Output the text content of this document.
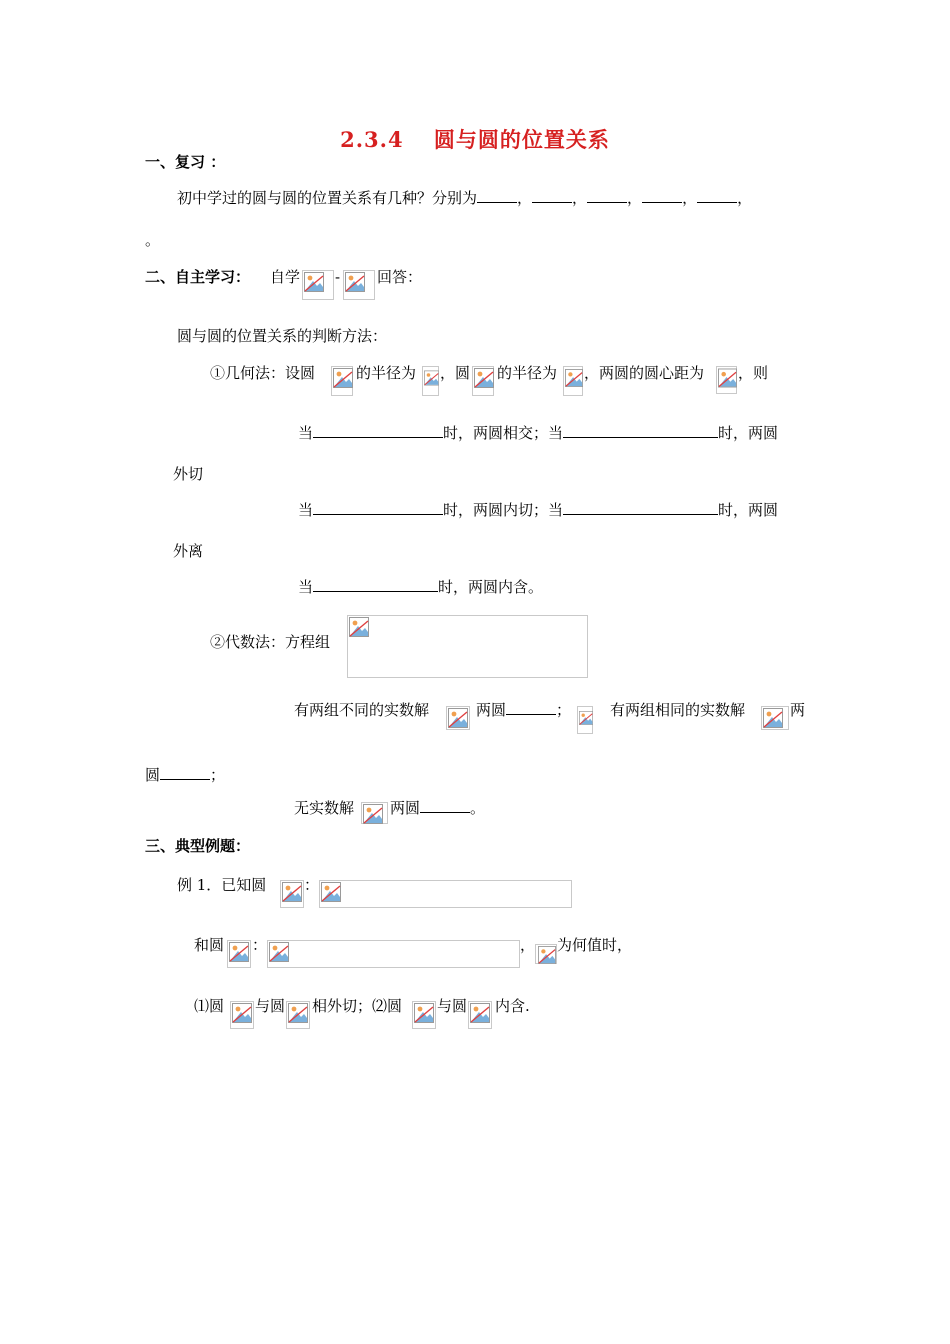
2.3.4　 圆与圆的位置关系
一、复习 ：
初中学过的圆与圆的位置关系有几种？分别为	，	，	，	，	，
。
二、自主学习： 自学 - 回答：
圆与圆的位置关系的判断方法：
①几何法：设圆	的半径为 ，圆 的半径为 ，两圆的圆心距为 ，则
当	时，两圆相交；当	时，两圆
外切
当	时，两圆内切；当	时，两圆
外离
当	时，两圆内含。
②代数法：方程组
有两组不同的实数解	两圆	；	有两组相同的实数解	两
圆	；
无实数解 两圆	。
三、典型例题：
例 1．已知圆	：
和圆 ：	， 为何值时，
⑴圆 与圆 相外切；⑵圆 与圆 内含.
